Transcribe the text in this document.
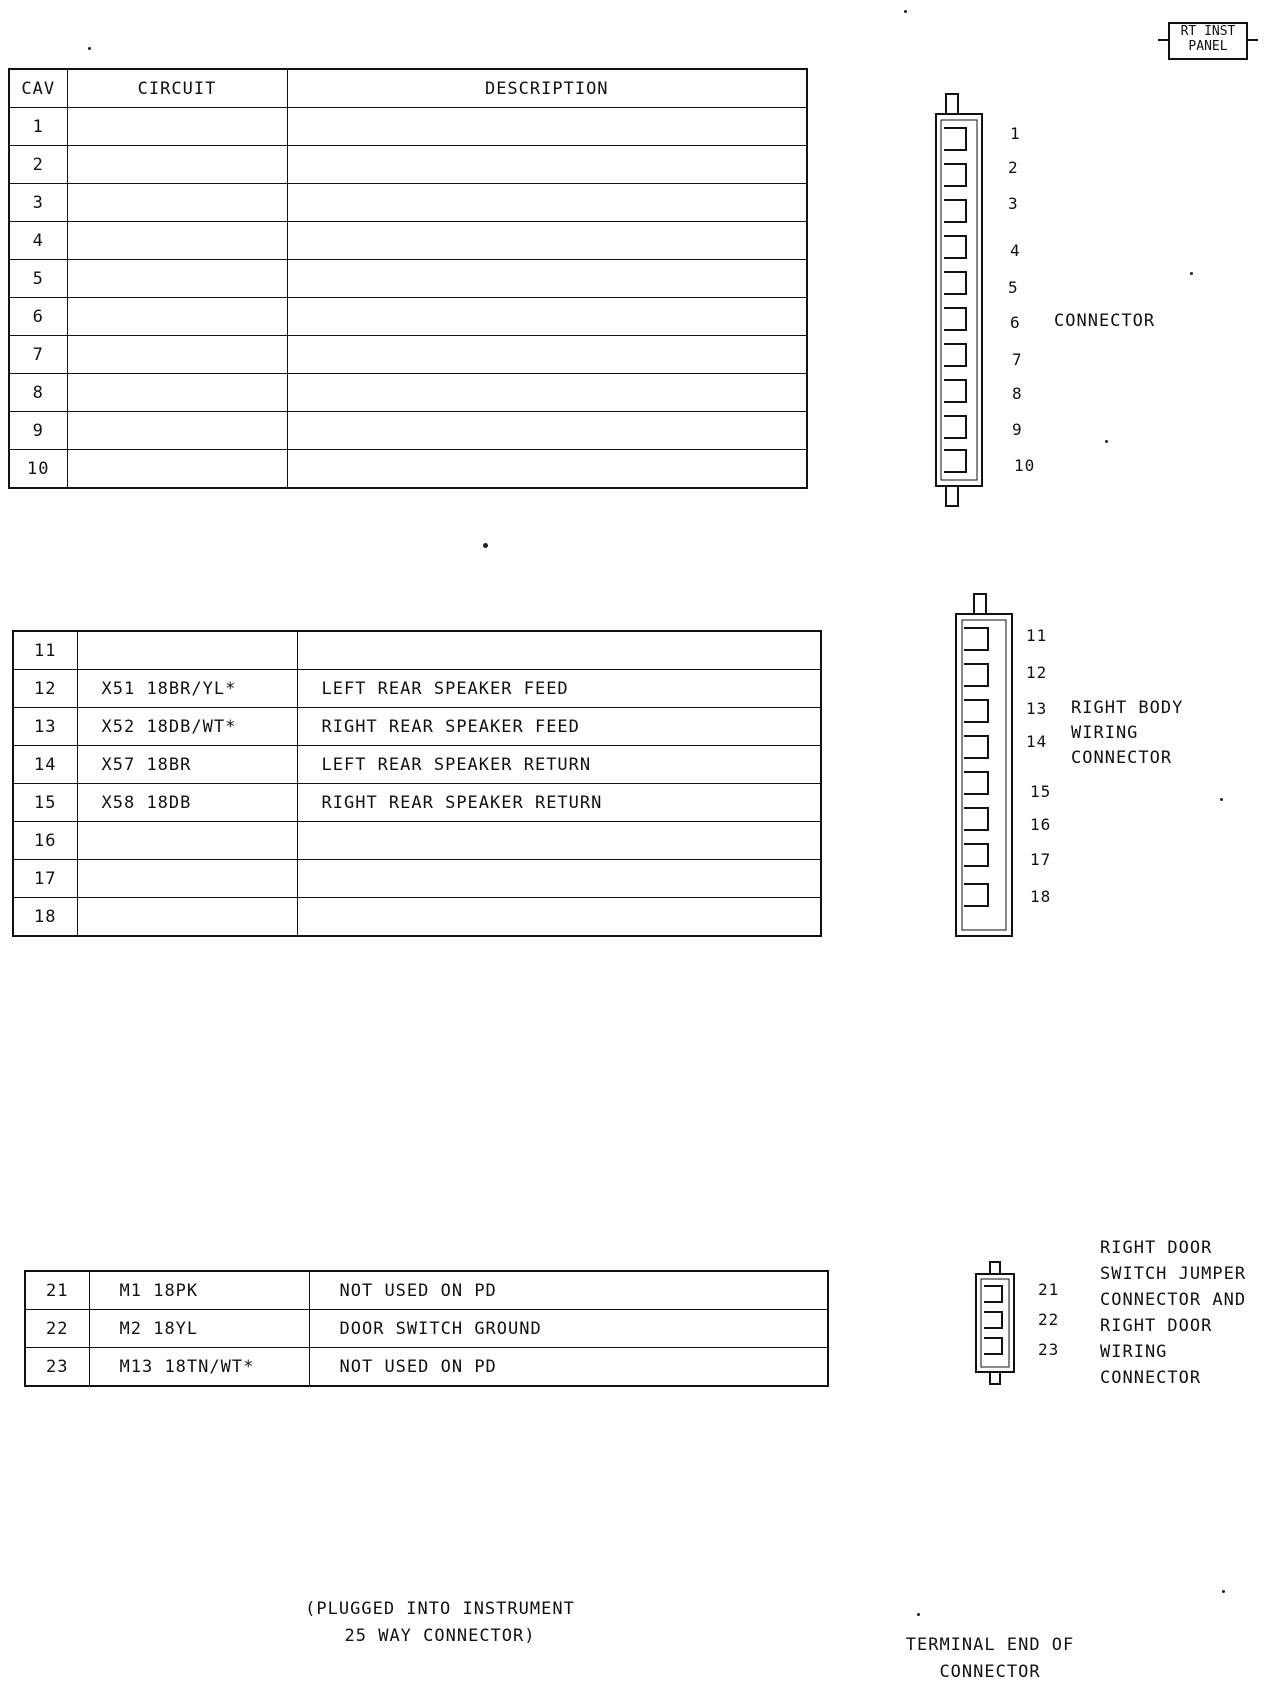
RT INST
PANEL
CAV	CIRCUIT	DESCRIPTION
1		
2		
3		
4		
5		
6		
7		
8		
9		
10		
1
2
3
4
5
6
7
8
9
10
CONNECTOR
11		
12	X51 18BR/YL*	LEFT REAR SPEAKER FEED
13	X52 18DB/WT*	RIGHT REAR SPEAKER FEED
14	X57 18BR	LEFT REAR SPEAKER RETURN
15	X58 18DB	RIGHT REAR SPEAKER RETURN
16		
17		
18		
11
12
13
14
15
16
17
18
RIGHT BODY
WIRING
CONNECTOR
21	M1 18PK	NOT USED ON PD
22	M2 18YL	DOOR SWITCH GROUND
23	M13 18TN/WT*	NOT USED ON PD
21
22
23
RIGHT DOOR
SWITCH JUMPER
CONNECTOR AND
RIGHT DOOR
WIRING
CONNECTOR
(PLUGGED INTO INSTRUMENT
25 WAY CONNECTOR)	TERMINAL END OF
CONNECTOR
